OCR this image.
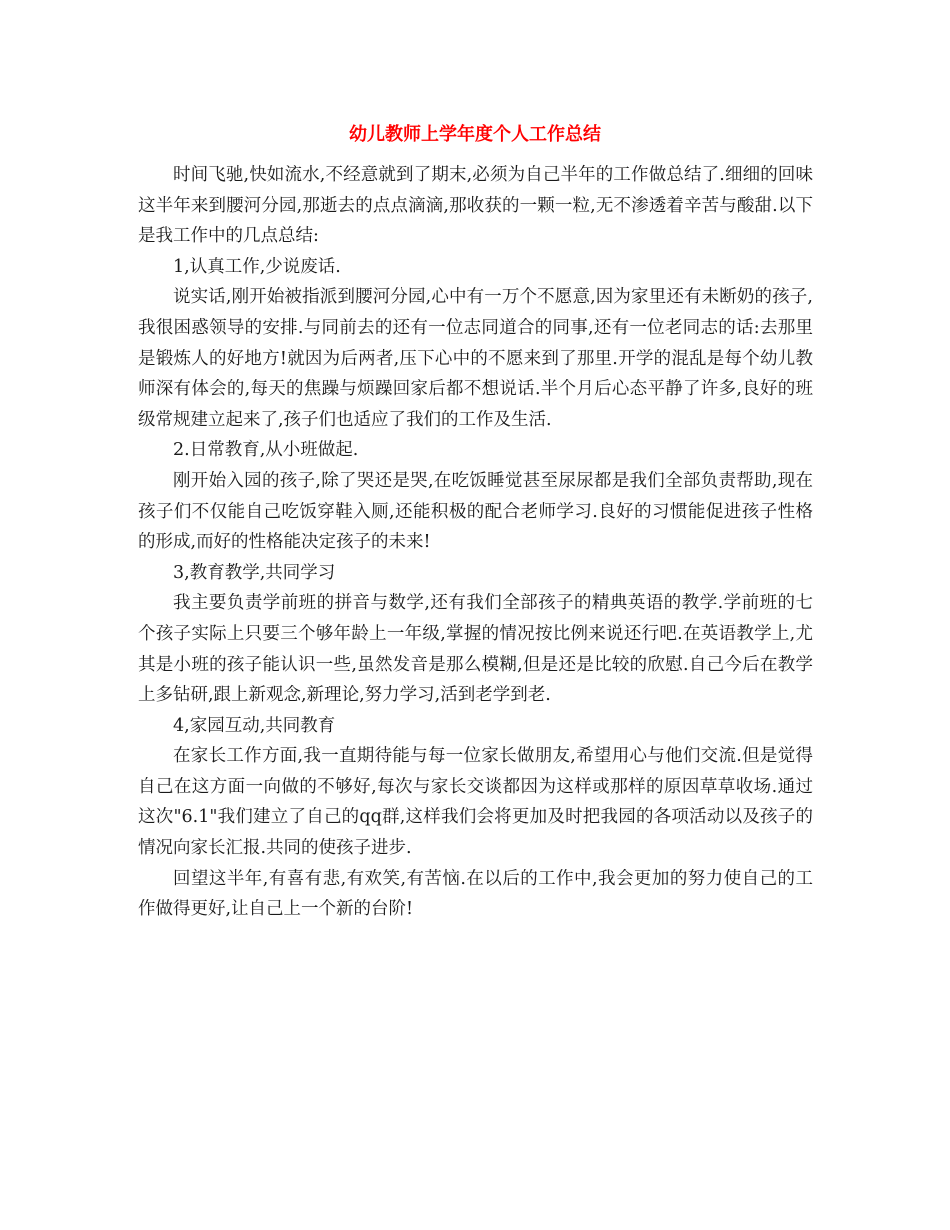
幼儿教师上学年度个人工作总结

时间飞驰,快如流水,不经意就到了期末,必须为自己半年的工作做总结了.细细的回味这半年来到腰河分园,那逝去的点点滴滴,那收获的一颗一粒,无不渗透着辛苦与酸甜.以下是我工作中的几点总结:

1,认真工作,少说废话.

说实话,刚开始被指派到腰河分园,心中有一万个不愿意,因为家里还有未断奶的孩子,我很困惑领导的安排.与同前去的还有一位志同道合的同事,还有一位老同志的话:去那里是锻炼人的好地方!就因为后两者,压下心中的不愿来到了那里.开学的混乱是每个幼儿教师深有体会的,每天的焦躁与烦躁回家后都不想说话.半个月后心态平静了许多,良好的班级常规建立起来了,孩子们也适应了我们的工作及生活.

2.日常教育,从小班做起.

刚开始入园的孩子,除了哭还是哭,在吃饭睡觉甚至尿尿都是我们全部负责帮助,现在孩子们不仅能自己吃饭穿鞋入厕,还能积极的配合老师学习.良好的习惯能促进孩子性格的形成,而好的性格能决定孩子的未来!

3,教育教学,共同学习

我主要负责学前班的拼音与数学,还有我们全部孩子的精典英语的教学.学前班的七个孩子实际上只要三个够年龄上一年级,掌握的情况按比例来说还行吧.在英语教学上,尤其是小班的孩子能认识一些,虽然发音是那么模糊,但是还是比较的欣慰.自己今后在教学上多钻研,跟上新观念,新理论,努力学习,活到老学到老.

4,家园互动,共同教育

在家长工作方面,我一直期待能与每一位家长做朋友,希望用心与他们交流.但是觉得自己在这方面一向做的不够好,每次与家长交谈都因为这样或那样的原因草草收场.通过这次"6.1"我们建立了自己的qq群,这样我们会将更加及时把我园的各项活动以及孩子的情况向家长汇报.共同的使孩子进步.

回望这半年,有喜有悲,有欢笑,有苦恼.在以后的工作中,我会更加的努力使自己的工作做得更好,让自己上一个新的台阶!
